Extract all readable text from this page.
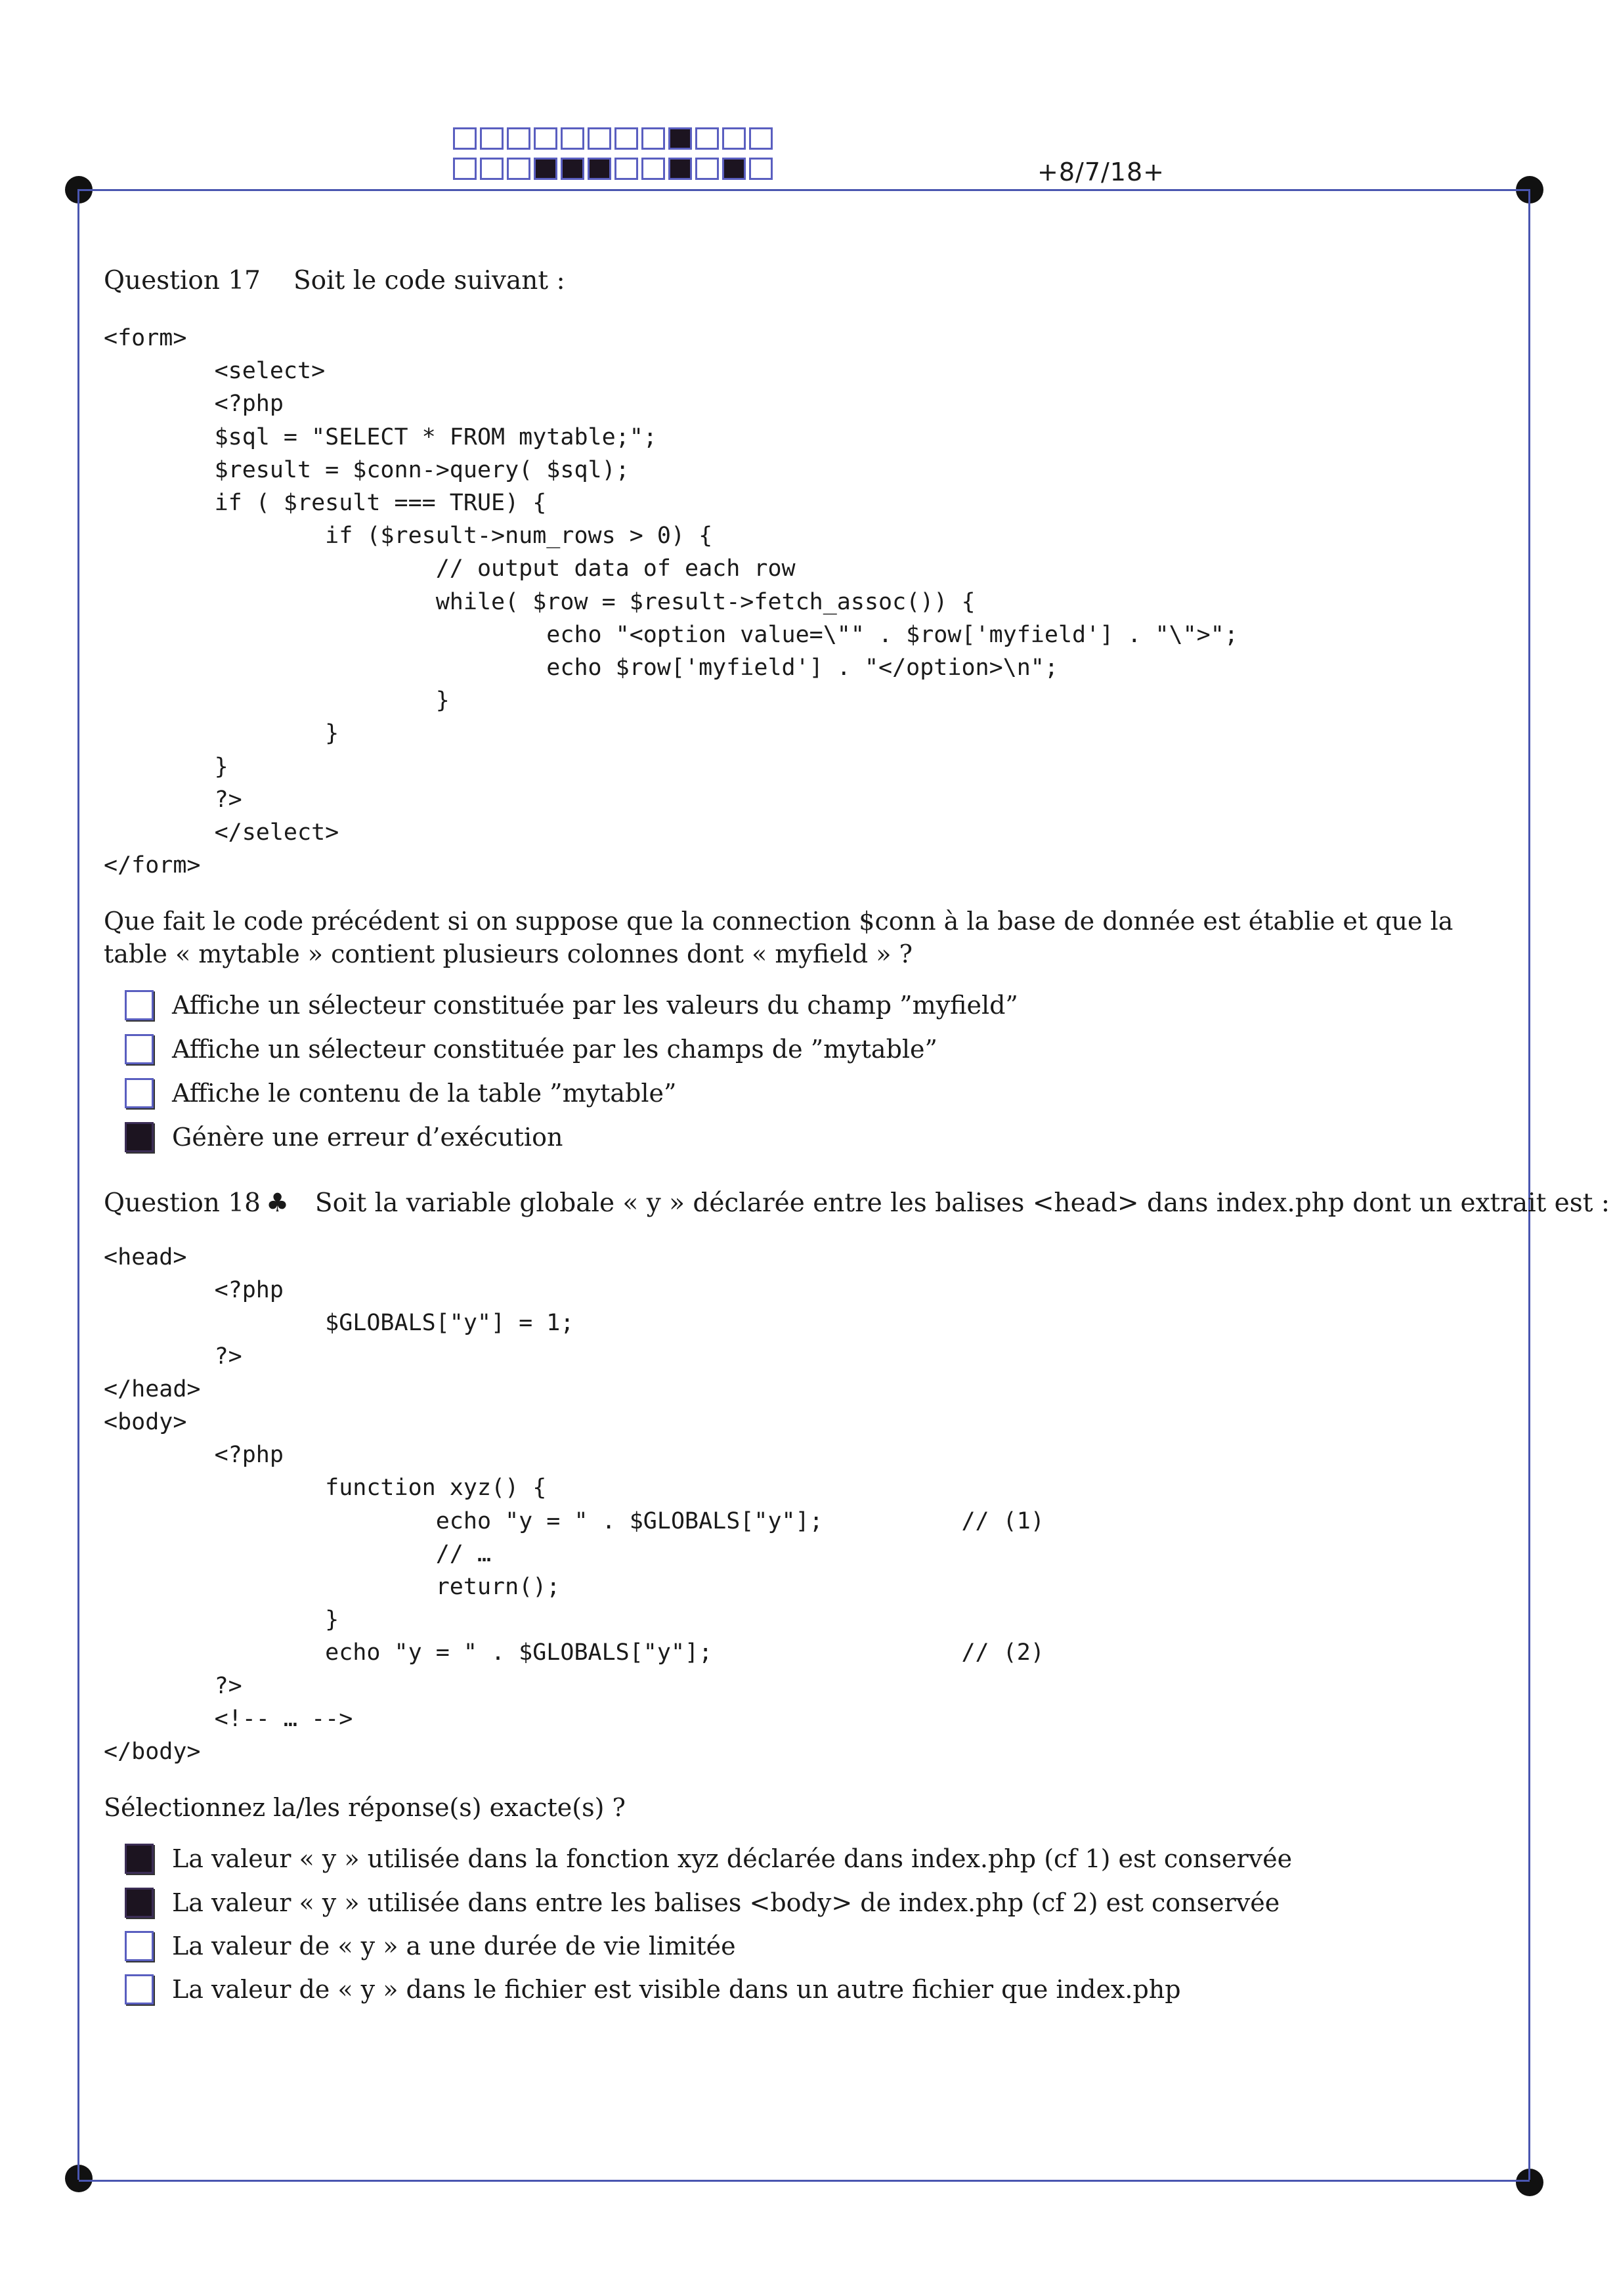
+8/7/18+
Question 17 Soit le code suivant :
<form>
<select>
<?php
$sql = "SELECT * FROM mytable;";
$result = $conn->query( $sql);
if ( $result === TRUE) {
if ($result->num_rows > 0) {
// output data of each row
while( $row = $result->fetch_assoc()) {
echo "<option value=\"" . $row['myfield'] . "\">";
echo $row['myfield'] . "</option>\n";
}
}
}
?>
</select>
</form>
Que fait le code précédent si on suppose que la connection $conn à la base de donnée est établie et que la table « mytable » contient plusieurs colonnes dont « myfield » ?
Affiche un sélecteur constituée par les valeurs du champ ”myfield”
Affiche un sélecteur constituée par les champs de ”mytable”
Affiche le contenu de la table ”mytable”
Génère une erreur d’exécution
Question 18 ♣ Soit la variable globale « y » déclarée entre les balises <head> dans index.php dont un extrait est :
<head>
<?php
$GLOBALS["y"] = 1;
?>
</head>
<body>
<?php
function xyz() {
echo "y = " . $GLOBALS["y"];          // (1)
// …
return();
}
echo "y = " . $GLOBALS["y"];                  // (2)
?>
<!-- … -->
</body>
Sélectionnez la/les réponse(s) exacte(s) ?
La valeur « y » utilisée dans la fonction xyz déclarée dans index.php (cf 1) est conservée
La valeur « y » utilisée dans entre les balises <body> de index.php (cf 2) est conservée
La valeur de « y » a une durée de vie limitée
La valeur de « y » dans le fichier est visible dans un autre fichier que index.php
